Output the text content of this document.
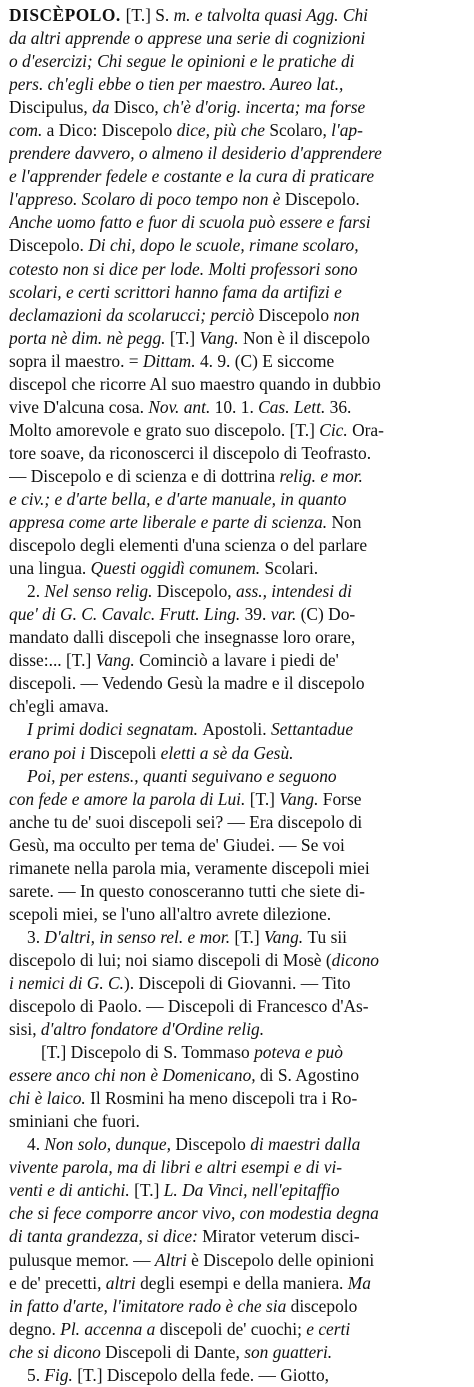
DISCÈPOLO. [T.] S. m. e talvolta quasi Agg. Chi
da altri apprende o apprese una serie di cognizioni
o d'esercizi; Chi segue le opinioni e le pratiche di
pers. ch'egli ebbe o tien per maestro. Aureo lat.,
Discipulus, da Disco, ch'è d'orig. incerta; ma forse
com. a Dico: Discepolo dice, più che Scolaro, l'ap-
prendere davvero, o almeno il desiderio d'apprendere
e l'apprender fedele e costante e la cura di praticare
l'appreso. Scolaro di poco tempo non è Discepolo.
Anche uomo fatto e fuor di scuola può essere e farsi
Discepolo. Di chi, dopo le scuole, rimane scolaro,
cotesto non si dice per lode. Molti professori sono
scolari, e certi scrittori hanno fama da artifizi e
declamazioni da scolarucci; perciò Discepolo non
porta nè dim. nè pegg. [T.] Vang. Non è il discepolo
sopra il maestro. = Dittam. 4. 9. (C) E siccome
discepol che ricorre Al suo maestro quando in dubbio
vive D'alcuna cosa. Nov. ant. 10. 1. Cas. Lett. 36.
Molto amorevole e grato suo discepolo. [T.] Cic. Ora-
tore soave, da riconoscerci il discepolo di Teofrasto.
— Discepolo e di scienza e di dottrina relig. e mor.
e civ.; e d'arte bella, e d'arte manuale, in quanto
appresa come arte liberale e parte di scienza. Non
discepolo degli elementi d'una scienza o del parlare
una lingua. Questi oggidì comunem. Scolari.
2. Nel senso relig. Discepolo, ass., intendesi di
que' di G. C. Cavalc. Frutt. Ling. 39. var. (C) Do-
mandato dalli discepoli che insegnasse loro orare,
disse:... [T.] Vang. Cominciò a lavare i piedi de'
discepoli. — Vedendo Gesù la madre e il discepolo
ch'egli amava.
I primi dodici segnatam. Apostoli. Settantadue
erano poi i Discepoli eletti a sè da Gesù.
Poi, per estens., quanti seguivano e seguono
con fede e amore la parola di Lui. [T.] Vang. Forse
anche tu de' suoi discepoli sei? — Era discepolo di
Gesù, ma occulto per tema de' Giudei. — Se voi
rimanete nella parola mia, veramente discepoli miei
sarete. — In questo conosceranno tutti che siete di-
scepoli miei, se l'uno all'altro avrete dilezione.
3. D'altri, in senso rel. e mor. [T.] Vang. Tu sii
discepolo di lui; noi siamo discepoli di Mosè (dicono
i nemici di G. C.). Discepoli di Giovanni. — Tito
discepolo di Paolo. — Discepoli di Francesco d'As-
sisi, d'altro fondatore d'Ordine relig.
[T.] Discepolo di S. Tommaso poteva e può
essere anco chi non è Domenicano, di S. Agostino
chi è laico. Il Rosmini ha meno discepoli tra i Ro-
sminiani che fuori.
4. Non solo, dunque, Discepolo di maestri dalla
vivente parola, ma di libri e altri esempi e di vi-
venti e di antichi. [T.] L. Da Vinci, nell'epitaffio
che si fece comporre ancor vivo, con modestia degna
di tanta grandezza, si dice: Mirator veterum disci-
pulusque memor. — Altri è Discepolo delle opinioni
e de' precetti, altri degli esempi e della maniera. Ma
in fatto d'arte, l'imitatore rado è che sia discepolo
degno. Pl. accenna a discepoli de' cuochi; e certi
che si dicono Discepoli di Dante, son guatteri.
5. Fig. [T.] Discepolo della fede. — Giotto,
